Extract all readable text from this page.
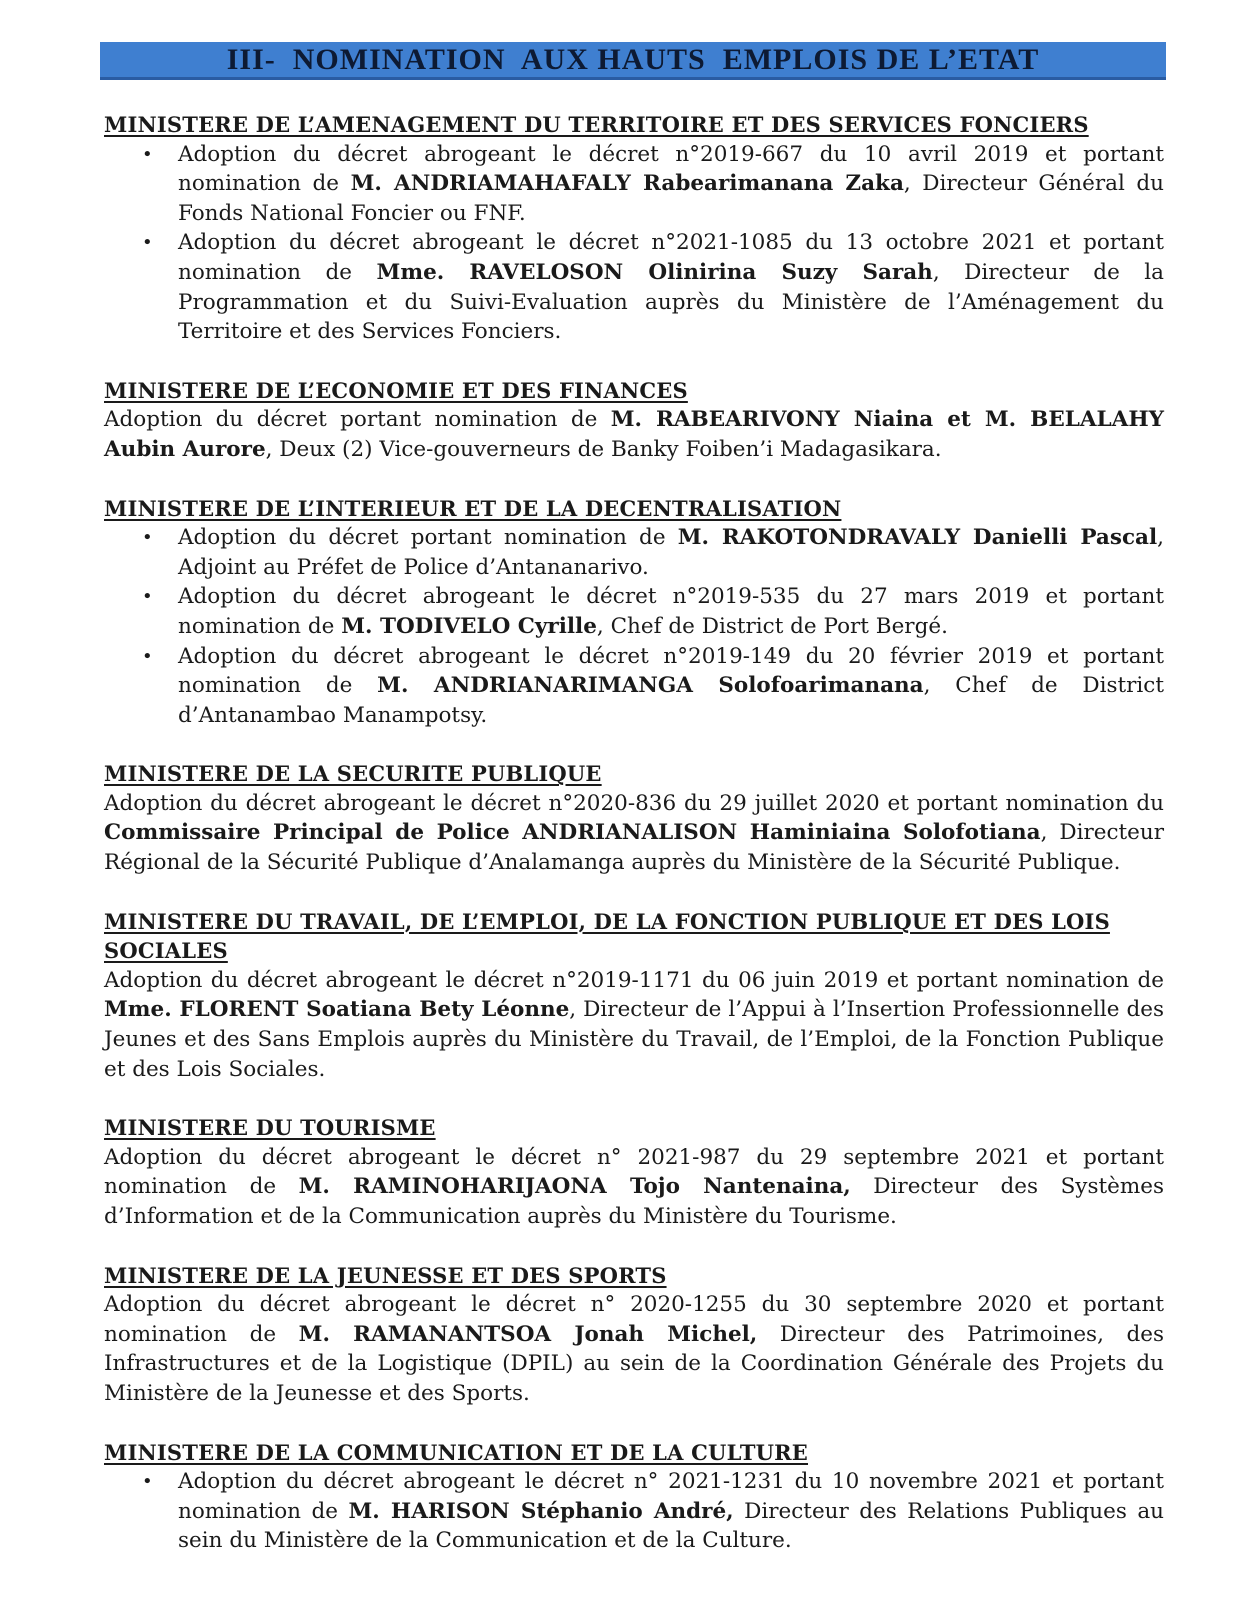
III-  NOMINATION  AUX HAUTS  EMPLOIS DE L’ETAT
MINISTERE DE L’AMENAGEMENT DU TERRITOIRE ET DES SERVICES FONCIERS
• Adoption du décret abrogeant le décret n°2019-667 du 10 avril 2019 et portant nomination de M. ANDRIAMAHAFALY Rabearimanana Zaka, Directeur Général du Fonds National Foncier ou FNF.
• Adoption du décret abrogeant le décret n°2021-1085 du 13 octobre 2021 et portant nomination de Mme. RAVELOSON Olinirina Suzy Sarah, Directeur de la Programmation et du Suivi-Evaluation auprès du Ministère de l’Aménagement du Territoire et des Services Fonciers.
MINISTERE DE L’ECONOMIE ET DES FINANCES
Adoption du décret portant nomination de M. RABEARIVONY Niaina et M. BELALAHY Aubin Aurore, Deux (2) Vice-gouverneurs de Banky Foiben’i Madagasikara.
MINISTERE DE L’INTERIEUR ET DE LA DECENTRALISATION
• Adoption du décret portant nomination de M. RAKOTONDRAVALY Danielli Pascal, Adjoint au Préfet de Police d’Antananarivo.
• Adoption du décret abrogeant le décret n°2019-535 du 27 mars 2019 et portant nomination de M. TODIVELO Cyrille, Chef de District de Port Bergé.
• Adoption du décret abrogeant le décret n°2019-149 du 20 février 2019 et portant nomination de M. ANDRIANARIMANGA Solofoarimanana, Chef de District d’Antanambao Manampotsy.
MINISTERE DE LA SECURITE PUBLIQUE
Adoption du décret abrogeant le décret n°2020-836 du 29 juillet 2020 et portant nomination du Commissaire Principal de Police ANDRIANALISON Haminiaina Solofotiana, Directeur Régional de la Sécurité Publique d’Analamanga auprès du Ministère de la Sécurité Publique.
MINISTERE DU TRAVAIL, DE L’EMPLOI, DE LA FONCTION PUBLIQUE ET DES LOIS SOCIALES
Adoption du décret abrogeant le décret n°2019-1171 du 06 juin 2019 et portant nomination de Mme. FLORENT Soatiana Bety Léonne, Directeur de l’Appui à l’Insertion Professionnelle des Jeunes et des Sans Emplois auprès du Ministère du Travail, de l’Emploi, de la Fonction Publique et des Lois Sociales.
MINISTERE DU TOURISME
Adoption du décret abrogeant le décret n° 2021-987 du 29 septembre 2021 et portant nomination de M. RAMINOHARIJAONA Tojo Nantenaina, Directeur des Systèmes d’Information et de la Communication auprès du Ministère du Tourisme.
MINISTERE DE LA JEUNESSE ET DES SPORTS
Adoption du décret abrogeant le décret n° 2020-1255 du 30 septembre 2020 et portant nomination de M. RAMANANTSOA Jonah Michel, Directeur des Patrimoines, des Infrastructures et de la Logistique (DPIL) au sein de la Coordination Générale des Projets du Ministère de la Jeunesse et des Sports.
MINISTERE DE LA COMMUNICATION ET DE LA CULTURE
• Adoption du décret abrogeant le décret n° 2021-1231 du 10 novembre 2021 et portant nomination de M. HARISON Stéphanio André, Directeur des Relations Publiques au sein du Ministère de la Communication et de la Culture.
